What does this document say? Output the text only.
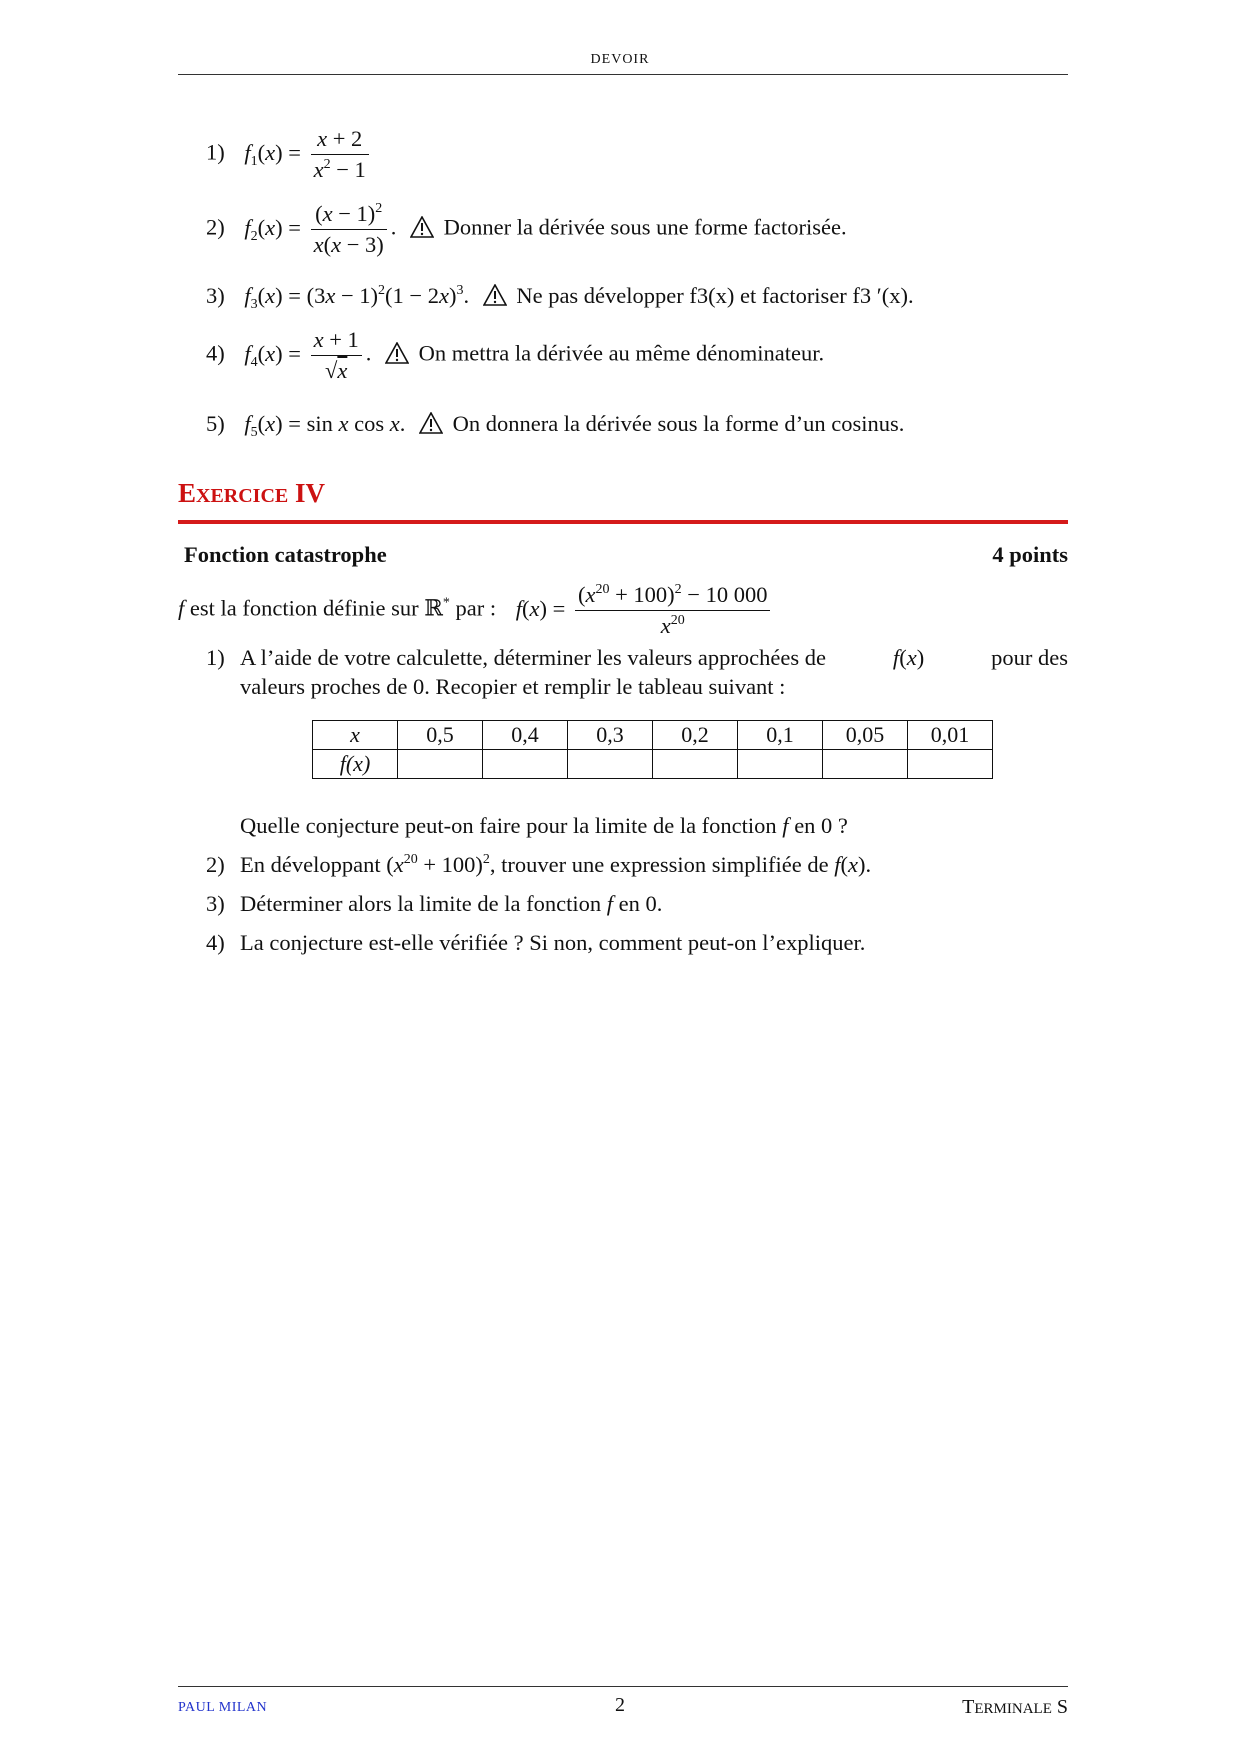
DEVOIR
1) $f_1(x) = \frac{x + 2}{x^2 - 1}$
2) $f_2(x) = \frac{(x - 1)^2}{x(x - 3)}$ .  Donner la dérivée sous une forme factorisée.
3) $f_3(x) = (3x - 1)^2(1 - 2x)^3$. Ne pas développer f3(x) et factoriser f3 ′(x).
4) $f_4(x) = \frac{x + 1}{√x}$ .  On mettra la dérivée au même dénominateur.
5) $f_5(x) = \sin x$ cos x. On donnera la dérivée sous la forme d’un cosinus.
EXERCICE IV
Fonction catastrophe	4 points
f est la fonction définie sur ℝ* par : $f(x) = \frac{(x^{20} + 100)^2 - 10 000}{x^{20}}$
1) A l’aide de votre calculette, déterminer les valeurs approchées de	f(x)	pour des
valeurs proches de 0. Recopier et remplir le tableau suivant :
x	0,5	0,4	0,3	0,2	0,1	0,05	0,01
f(x)							
Quelle conjecture peut-on faire pour la limite de la fonction f en 0 ?
2) En développant $(x^{20} + 100)^2$, trouver une expression simplifiée de f(x).
3) Déterminer alors la limite de la fonction f en 0.
4) La conjecture est-elle vérifiée ? Si non, comment peut-on l’expliquer.
PAUL MILAN	2	TERMINALE S
